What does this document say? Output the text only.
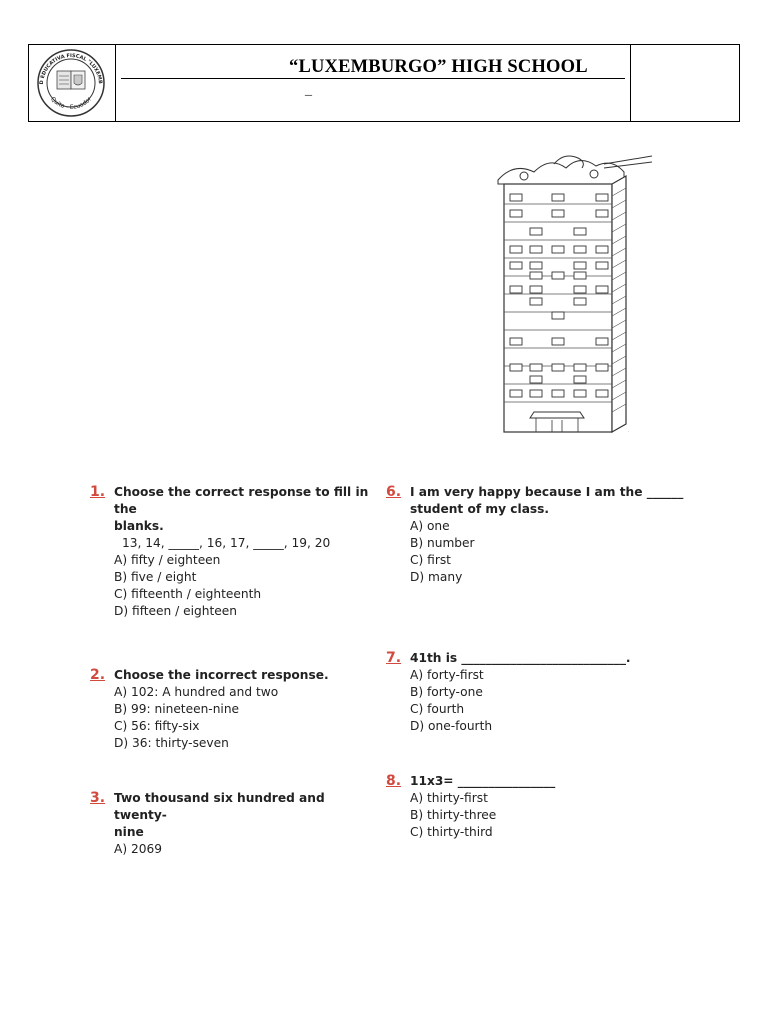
D EDUCATIVA FISCAL "LUXEMB
Quito - Ecuador
“LUXEMBURGO” HIGH SCHOOL
_
.
1. Choose the correct response to fill in the
blanks.
13, 14, _____, 16, 17, _____, 19, 20
A) fifty / eighteen
B) five / eight
C) fifteenth / eighteenth
D) fifteen / eighteen
2. Choose the incorrect response.
A) 102: A hundred and two
B) 99: nineteen-nine
C) 56: fifty-six
D) 36: thirty-seven
3. Two thousand six hundred and twenty-
nine
A) 2069
6. I am very happy because I am the ______
student of my class.
A) one
B) number
C) first
D) many
7. 41th is ___________________________.
A) forty-first
B) forty-one
C) fourth
D) one-fourth
8. 11x3= ________________
A) thirty-first
B) thirty-three
C) thirty-third
